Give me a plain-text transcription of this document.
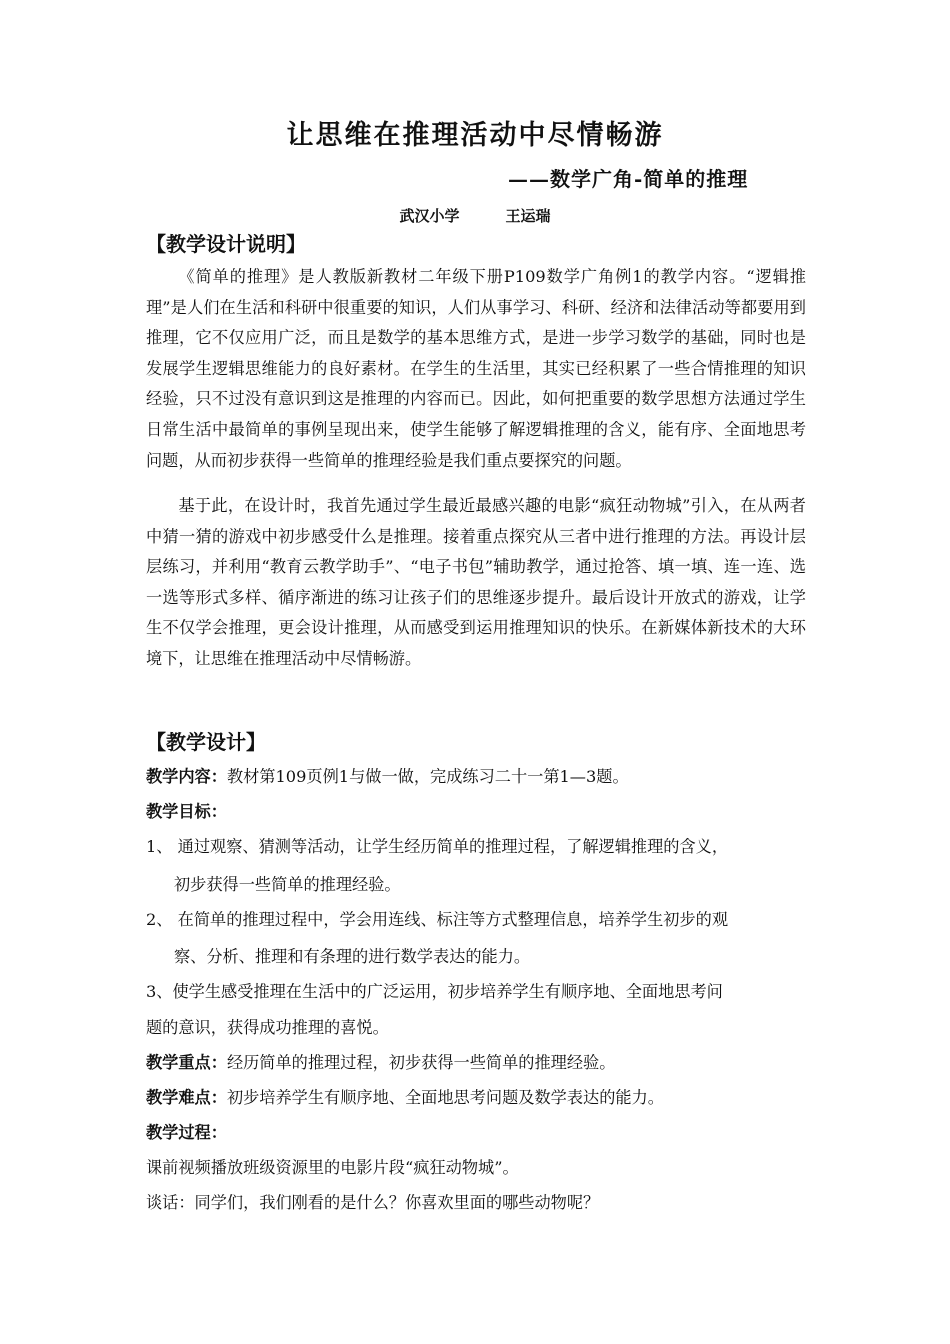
让思维在推理活动中尽情畅游
——数学广角-简单的推理
武汉小学	王运瑞
【教学设计说明】

《简单的推理》是人教版新教材二年级下册P109数学广角例1的教学内容。“逻辑推理”是人们在生活和科研中很重要的知识，人们从事学习、科研、经济和法律活动等都要用到推理，它不仅应用广泛，而且是数学的基本思维方式，是进一步学习数学的基础，同时也是发展学生逻辑思维能力的良好素材。在学生的生活里，其实已经积累了一些合情推理的知识经验，只不过没有意识到这是推理的内容而已。因此，如何把重要的数学思想方法通过学生日常生活中最简单的事例呈现出来，使学生能够了解逻辑推理的含义，能有序、全面地思考问题，从而初步获得一些简单的推理经验是我们重点要探究的问题。

基于此，在设计时，我首先通过学生最近最感兴趣的电影“疯狂动物城”引入，在从两者中猜一猜的游戏中初步感受什么是推理。接着重点探究从三者中进行推理的方法。再设计层层练习，并利用“教育云教学助手”、“电子书包”辅助教学，通过抢答、填一填、连一连、选一选等形式多样、循序渐进的练习让孩子们的思维逐步提升。最后设计开放式的游戏，让学生不仅学会推理，更会设计推理，从而感受到运用推理知识的快乐。在新媒体新技术的大环境下，让思维在推理活动中尽情畅游。

【教学设计】
教学内容：教材第109页例1与做一做，完成练习二十一第1—3题。
教学目标：
1、 通过观察、猜测等活动，让学生经历简单的推理过程，了解逻辑推理的含义，
初步获得一些简单的推理经验。
2、 在简单的推理过程中，学会用连线、标注等方式整理信息，培养学生初步的观
察、分析、推理和有条理的进行数学表达的能力。
3、使学生感受推理在生活中的广泛运用，初步培养学生有顺序地、全面地思考问
题的意识，获得成功推理的喜悦。
教学重点：经历简单的推理过程，初步获得一些简单的推理经验。
教学难点：初步培养学生有顺序地、全面地思考问题及数学表达的能力。
教学过程：
课前视频播放班级资源里的电影片段“疯狂动物城”。
谈话：同学们，我们刚看的是什么？你喜欢里面的哪些动物呢？
